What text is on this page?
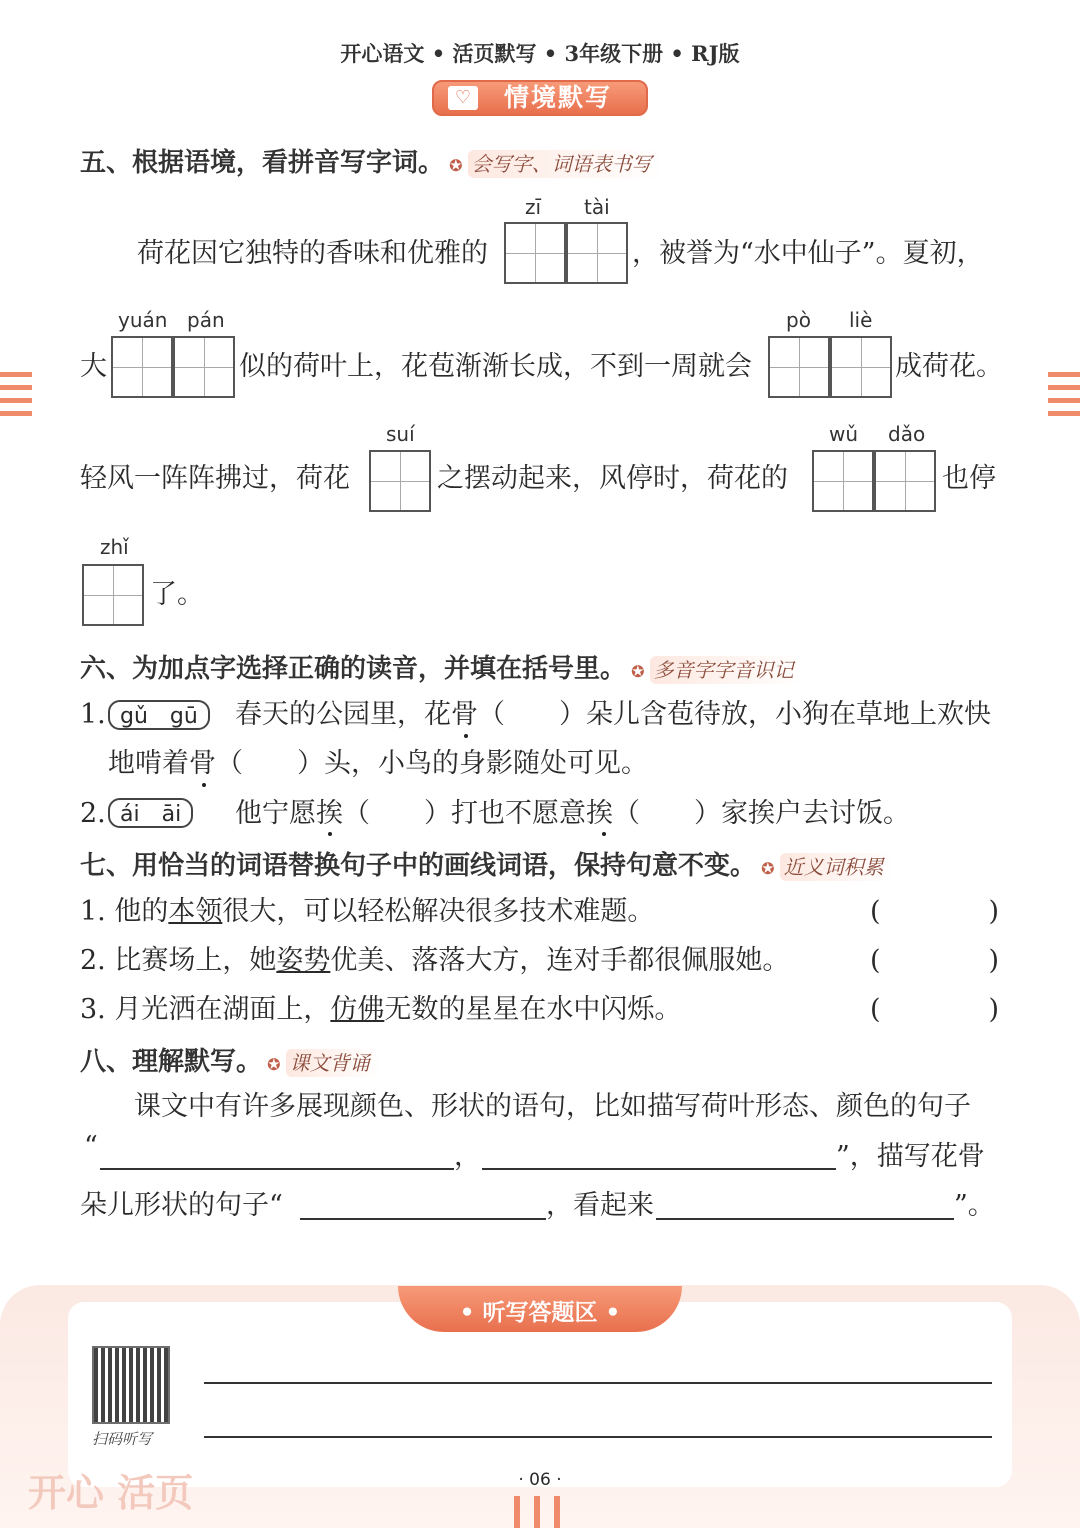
开心语文 • 活页默写 • 3年级下册 • RJ版
♡ 情境默写
五、根据语境，看拼音写字词。 ✪ 会写字、词语表书写
zī tài
荷花因它独特的香味和优雅的	，被誉为“水中仙子”。夏初，
yuán pán
大	似的荷叶上，花苞渐渐长成，不到一周就会
pò liè
成荷花。
suí
轻风一阵阵拂过，荷花	之摆动起来，风停时，荷花的
wǔ dǎo
也停
zhǐ
了。
六、为加点字选择正确的读音，并填在括号里。 ✪ 多音字字音识记
1. gǔ　gū	春天的公园里，花骨（　　）朵儿含苞待放，小狗在草地上欢快
地啃着骨（　　）头，小鸟的身影随处可见。
2. ái　āi	他宁愿挨（　　）打也不愿意挨（　　）家挨户去讨饭。
七、用恰当的词语替换句子中的画线词语，保持句意不变。 ✪ 近义词积累
1. 他的本领很大，可以轻松解决很多技术难题。	(　　　　)
2. 比赛场上，她姿势优美、落落大方，连对手都很佩服她。	(　　　　)
3. 月光洒在湖面上，仿佛无数的星星在水中闪烁。	(　　　　)
八、理解默写。 ✪ 课文背诵
课文中有许多展现颜色、形状的语句，比如描写荷叶形态、颜色的句子
“	，	”，描写花骨
朵儿形状的句子“	，看起来	”。
• 听写答题区 •
扫码听写
· 06 ·
开心 活页
